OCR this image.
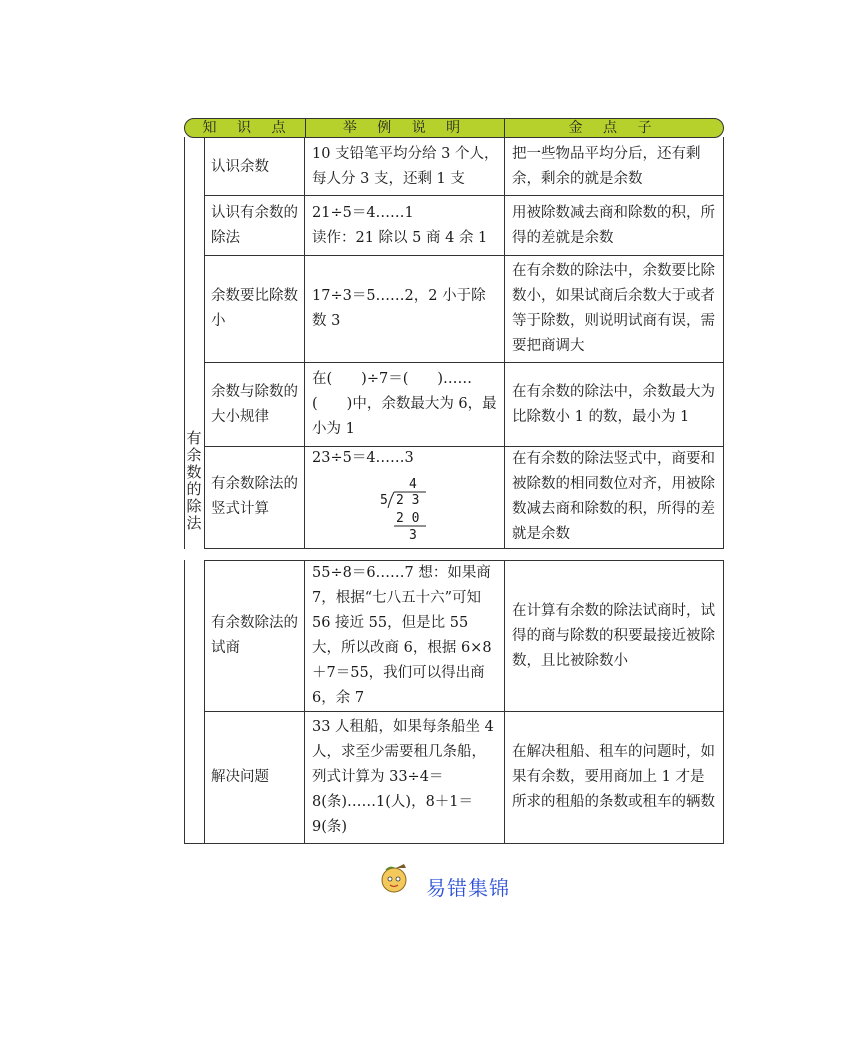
知 识 点	举 例 说 明	金 点 子
有余数的除法
认识余数
10 支铅笔平均分给 3 个人，每人分 3 支，还剩 1 支
把一些物品平均分后，还有剩余，剩余的就是余数
认识有余数的除法
21÷5＝4……1
读作：21 除以 5 商 4 余 1
用被除数减去商和除数的积，所得的差就是余数
余数要比除数小
17÷3＝5……2，2 小于除数 3
在有余数的除法中，余数要比除数小，如果试商后余数大于或者等于除数，则说明试商有误，需要把商调大
余数与除数的大小规律
在(　　)÷7＝(　　)……(　　)中，余数最大为 6，最小为 1
在有余数的除法中，余数最大为比除数小 1 的数，最小为 1
有余数除法的竖式计算
23÷5＝4……3
4
5 2 3
2 0
3
在有余数的除法竖式中，商要和被除数的相同数位对齐，用被除数减去商和除数的积，所得的差就是余数
有余数除法的试商
55÷8＝6……7 想：如果商 7，根据“七八五十六”可知 56 接近 55，但是比 55 大，所以改商 6，根据 6×8＋7＝55，我们可以得出商 6，余 7
在计算有余数的除法试商时，试得的商与除数的积要最接近被除数，且比被除数小
解决问题
33 人租船，如果每条船坐 4 人，求至少需要租几条船，列式计算为 33÷4＝8(条)……1(人)，8＋1＝9(条)
在解决租船、租车的问题时，如果有余数，要用商加上 1 才是所求的租船的条数或租车的辆数
易错集锦
